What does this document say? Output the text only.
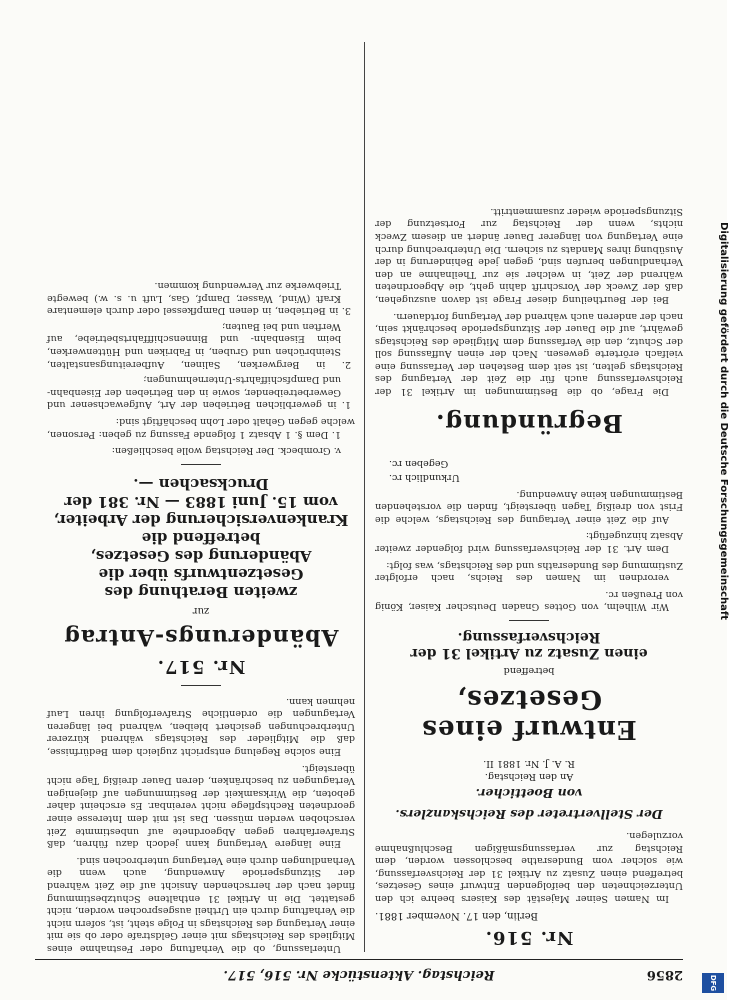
2856
Reichstag. Aktenstücke Nr. 516, 517.
Nr. 516.
Berlin, den 17. November 1881.

Im Namen Seiner Majestät des Kaisers beehre ich den Unterzeichneten den beifolgenden Entwurf eines Gesetzes, betreffend einen Zusatz zu Artikel 31 der Reichsverfassung, wie solcher vom Bundesrathe beschlossen worden, dem Reichstag zur verfassungsmäßigen Beschlußnahme vorzulegen.

Der Stellvertreter des Reichskanzlers.
von Boetticher.
An den Reichstag.
R. A. J. Nr. 1881 II.
Entwurf eines Gesetzes,
betreffend
einen Zusatz zu Artikel 31 der Reichsverfassung.

Wir Wilhelm, von Gottes Gnaden Deutscher Kaiser, König von Preußen rc.

verordnen im Namen des Reichs, nach erfolgter Zustimmung des Bundesraths und des Reichstags, was folgt:

Dem Art. 31 der Reichsverfassung wird folgender zweiter Absatz hinzugefügt:

Auf die Zeit einer Vertagung des Reichstags, welche die Frist von dreißig Tagen übersteigt, finden die vorstehenden Bestimmungen keine Anwendung.

Urkundlich rc.
Gegeben rc.
Begründung.

Die Frage, ob die Bestimmungen im Artikel 31 der Reichsverfassung auch für die Zeit der Vertagung des Reichstags gelten, ist seit dem Bestehen der Verfassung eine vielfach erörterte gewesen. Nach der einen Auffassung soll der Schutz, den die Verfassung dem Mitgliede des Reichstags gewährt, auf die Dauer der Sitzungsperiode beschränkt sein, nach der anderen auch während der Vertagung fortdauern.

Bei der Beurtheilung dieser Frage ist davon auszugehen, daß der Zweck der Vorschrift dahin geht, die Abgeordneten während der Zeit, in welcher sie zur Theilnahme an den Verhandlungen berufen sind, gegen jede Behinderung in der Ausübung ihres Mandats zu sichern. Die Unterbrechung durch eine Vertagung von längerer Dauer ändert an diesem Zweck nichts, wenn der Reichstag zur Fortsetzung der Sitzungsperiode wieder zusammentritt.

Unterlassung, ob die Verhaftung oder Festnahme eines Mitglieds des Reichstags mit einer Geldstrafe oder ob sie mit einer Vertagung des Reichstags in Folge steht, ist, sofern nicht die Verhaftung durch ein Urtheil ausgesprochen worden, nicht gestattet. Die in Artikel 31 enthaltene Schutzbestimmung findet nach der herrschenden Ansicht auf die Zeit während der Sitzungsperiode Anwendung, auch wenn die Verhandlungen durch eine Vertagung unterbrochen sind.

Eine längere Vertagung kann jedoch dazu führen, daß Strafverfahren gegen Abgeordnete auf unbestimmte Zeit verschoben werden müssen. Das ist mit dem Interesse einer geordneten Rechtspflege nicht vereinbar. Es erscheint daher geboten, die Wirksamkeit der Bestimmungen auf diejenigen Vertagungen zu beschränken, deren Dauer dreißig Tage nicht übersteigt.

Eine solche Regelung entspricht zugleich dem Bedürfnisse, daß die Mitglieder des Reichstags während kürzerer Unterbrechungen gesichert bleiben, während bei längeren Vertagungen die ordentliche Strafverfolgung ihren Lauf nehmen kann.

Nr. 517.
Abänderungs-Antrag
zur
zweiten Berathung des Gesetzentwurfs über die Abänderung des Gesetzes, betreffend die Krankenversicherung der Arbeiter, vom 15. Juni 1883 — Nr. 381 der Drucksachen —.

v. Grombeck. Der Reichstag wolle beschließen:

1. Dem §. 1 Absatz 1 folgende Fassung zu geben: Personen, welche gegen Gehalt oder Lohn beschäftigt sind:

1. in gewerblichen Betrieben der Art, Aufgewachsener und Gewerbetreibender, sowie in den Betrieben der Eisenbahn- und Dampfschiffahrts-Unternehmungen;
2. in Bergwerken, Salinen, Aufbereitungsanstalten, Steinbrüchen und Gruben, in Fabriken und Hüttenwerken, beim Eisenbahn- und Binnenschifffahrtsbetriebe, auf Werften und bei Bauten;
3. in Betrieben, in denen Dampfkessel oder durch elementare Kraft (Wind, Wasser, Dampf, Gas, Luft u. s. w.) bewegte Triebwerke zur Verwendung kommen.	Digitalisierung gefördert durch die Deutsche Forschungsgemeinschaft
DFG
